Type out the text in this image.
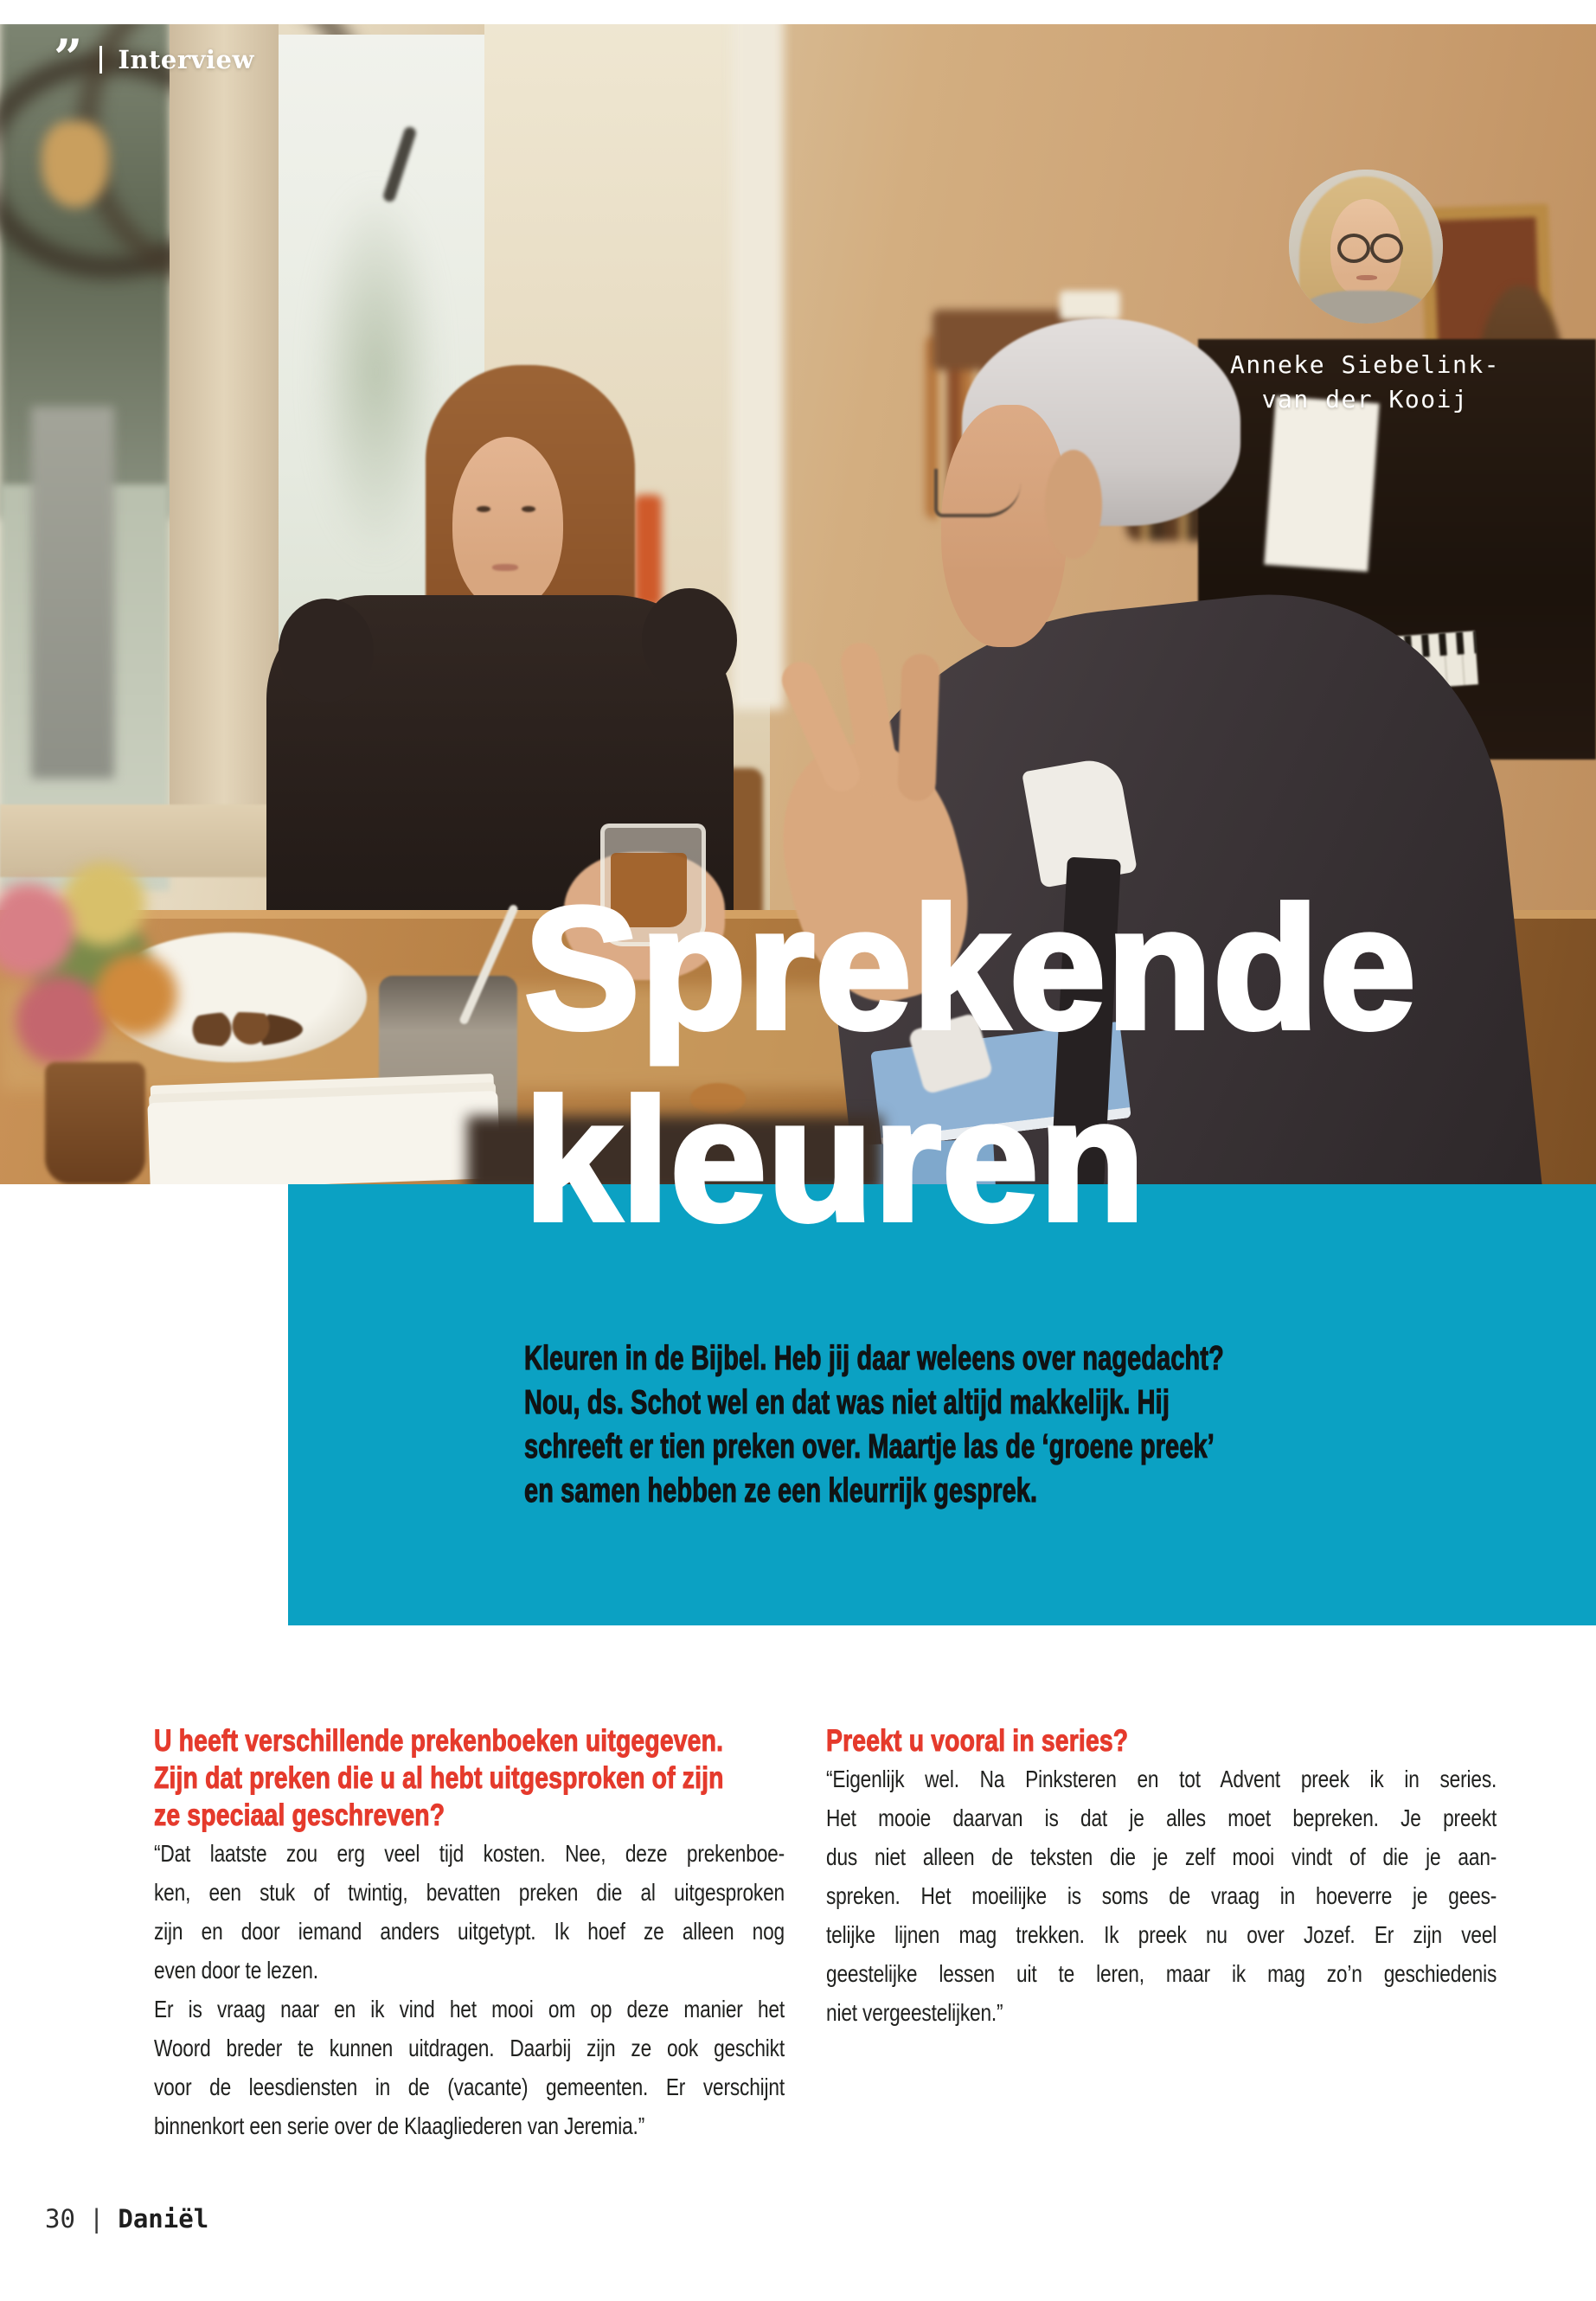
” Interview
Anneke Siebelink-
van der Kooij
Sprekende
kleuren
Kleuren in de Bijbel. Heb jij daar weleens over nagedacht?
Nou, ds. Schot wel en dat was niet altijd makkelijk. Hij
schreeft er tien preken over. Maartje las de ‘groene preek’
en samen hebben ze een kleurrijk gesprek.
U heeft verschillende prekenboeken uitgegeven.
Zijn dat preken die u al hebt uitgesproken of zijn
ze speciaal geschreven?
“Dat laatste zou erg veel tijd kosten. Nee, deze prekenboe-
ken, een stuk of twintig, bevatten preken die al uitgesproken
zijn en door iemand anders uitgetypt. Ik hoef ze alleen nog
even door te lezen.
Er is vraag naar en ik vind het mooi om op deze manier het
Woord breder te kunnen uitdragen. Daarbij zijn ze ook geschikt
voor de leesdiensten in de (vacante) gemeenten. Er verschijnt
binnenkort een serie over de Klaagliederen van Jeremia.”
Preekt u vooral in series?
“Eigenlijk wel. Na Pinksteren en tot Advent preek ik in series.
Het mooie daarvan is dat je alles moet bepreken. Je preekt
dus niet alleen de teksten die je zelf mooi vindt of die je aan-
spreken. Het moeilijke is soms de vraag in hoeverre je gees-
telijke lijnen mag trekken. Ik preek nu over Jozef. Er zijn veel
geestelijke lessen uit te leren, maar ik mag zo’n geschiedenis
niet vergeestelijken.”
30 | Daniël
